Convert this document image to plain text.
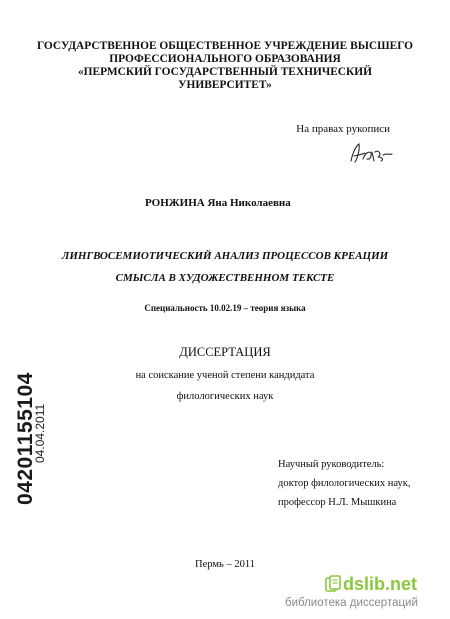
ГОСУДАРСТВЕННОЕ ОБЩЕСТВЕННОЕ УЧРЕЖДЕНИЕ ВЫСШЕГО
ПРОФЕССИОНАЛЬНОГО ОБРАЗОВАНИЯ
«ПЕРМСКИЙ ГОСУДАРСТВЕННЫЙ ТЕХНИЧЕСКИЙ
УНИВЕРСИТЕТ»
На правах рукописи
РОНЖИНА Яна Николаевна
ЛИНГВОСЕМИОТИЧЕСКИЙ АНАЛИЗ ПРОЦЕССОВ КРЕАЦИИ
СМЫСЛА В ХУДОЖЕСТВЕННОМ ТЕКСТЕ
Специальность 10.02.19 – теория языка
ДИССЕРТАЦИЯ
на соискание ученой степени кандидата
филологических наук
04201155104
04.04.2011
Научный руководитель:
доктор филологических наук,
профессор Н.Л. Мышкина
Пермь – 2011
dslib.net
библиотека диссертаций
